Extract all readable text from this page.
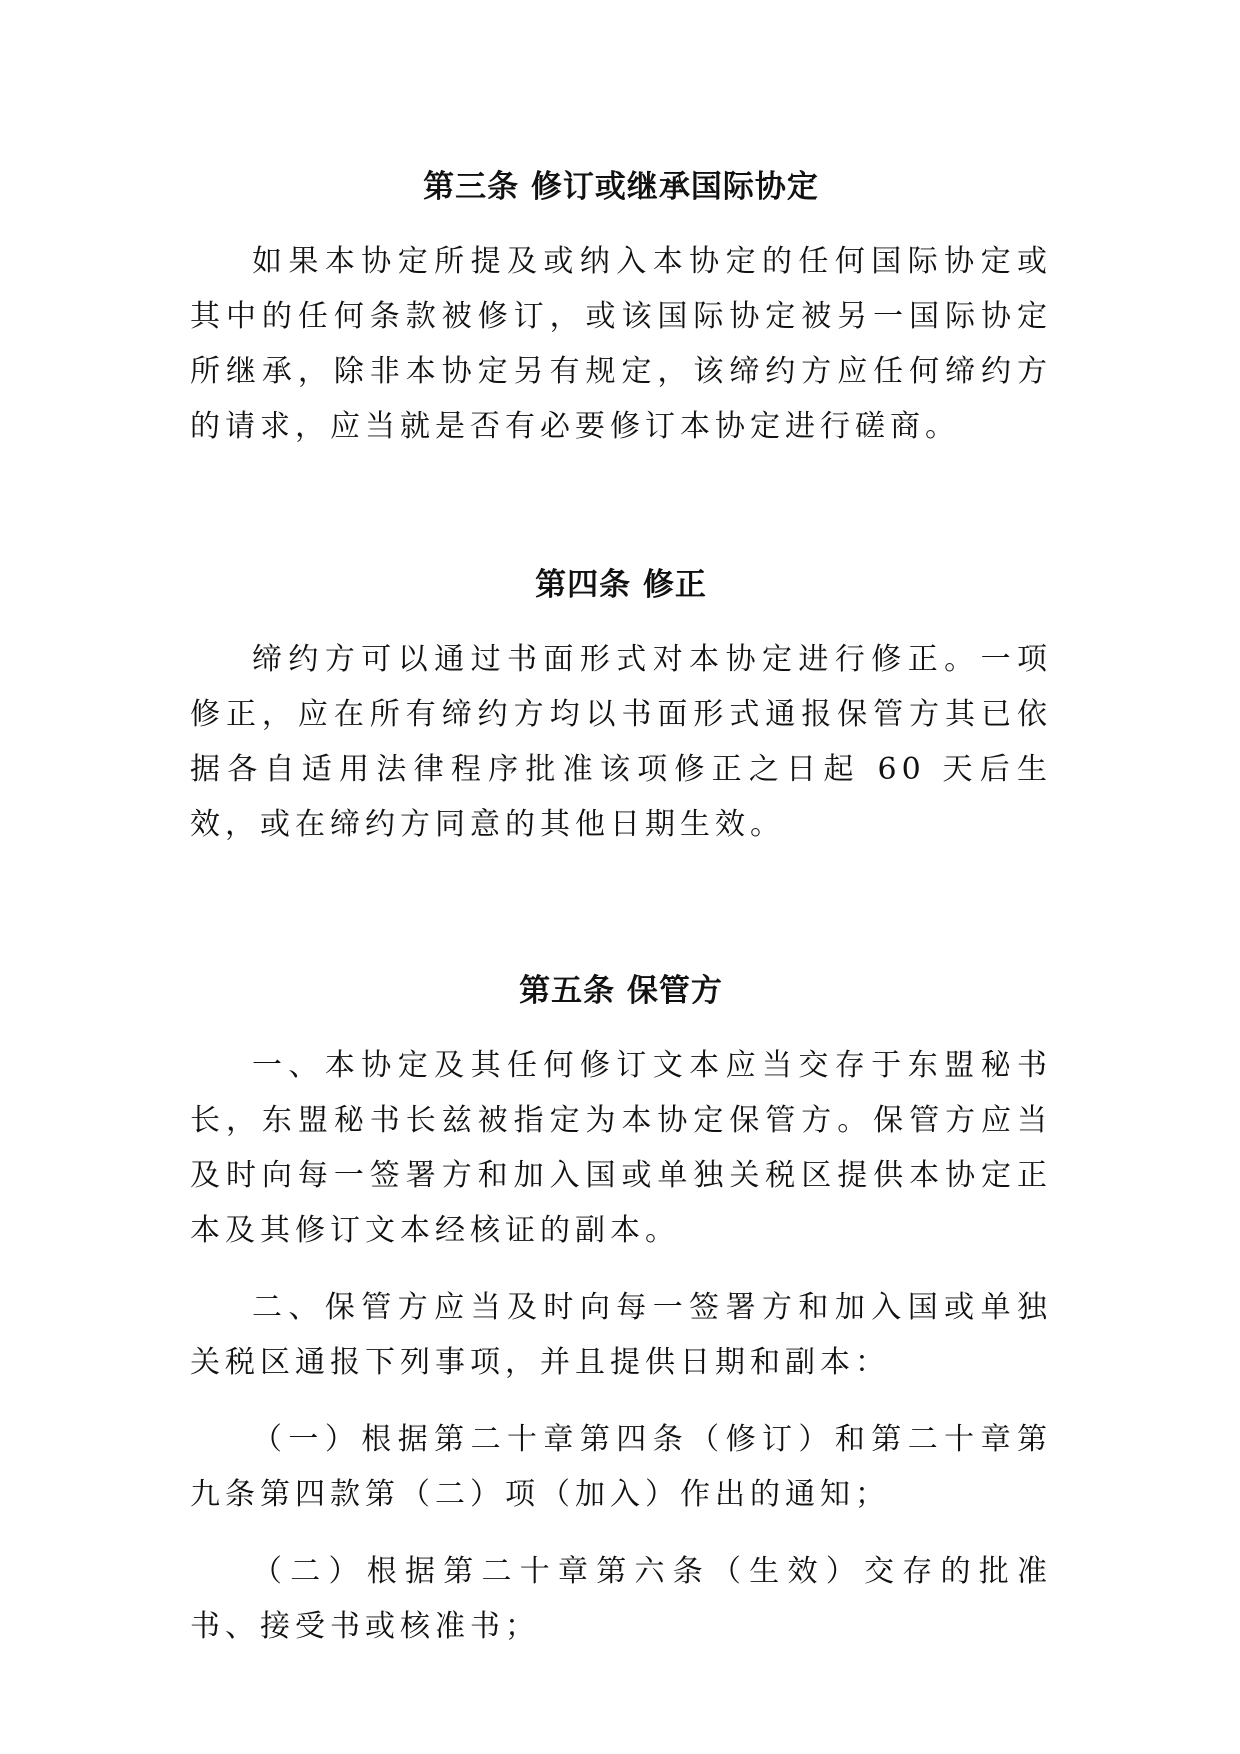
第三条 修订或继承国际协定

如果本协定所提及或纳入本协定的任何国际协定或其中的任何条款被修订，或该国际协定被另一国际协定所继承，除非本协定另有规定，该缔约方应任何缔约方的请求，应当就是否有必要修订本协定进行磋商。

第四条 修正

缔约方可以通过书面形式对本协定进行修正。一项修正，应在所有缔约方均以书面形式通报保管方其已依据各自适用法律程序批准该项修正之日起 60 天后生效，或在缔约方同意的其他日期生效。

第五条 保管方

一、本协定及其任何修订文本应当交存于东盟秘书长，东盟秘书长兹被指定为本协定保管方。保管方应当及时向每一签署方和加入国或单独关税区提供本协定正本及其修订文本经核证的副本。

二、保管方应当及时向每一签署方和加入国或单独关税区通报下列事项，并且提供日期和副本：

（一）根据第二十章第四条（修订）和第二十章第九条第四款第（二）项（加入）作出的通知；

（二）根据第二十章第六条（生效）交存的批准书、接受书或核准书；
